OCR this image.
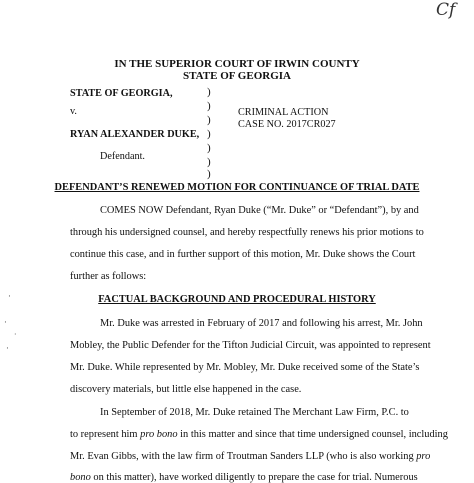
Cf
·
·
·
·
IN THE SUPERIOR COURT OF IRWIN COUNTY
STATE OF GEORGIA
STATE OF GEORGIA,
v.
RYAN ALEXANDER DUKE,
Defendant.
)
)
)
)
)
)
)
CRIMINAL ACTION
CASE NO. 2017CR027
DEFENDANT’S RENEWED MOTION FOR CONTINUANCE OF TRIAL DATE
COMES NOW Defendant, Ryan Duke (“Mr. Duke” or “Defendant”), by and
through his undersigned counsel, and hereby respectfully renews his prior motions to
continue this case, and in further support of this motion, Mr. Duke shows the Court
further as follows:
FACTUAL BACKGROUND AND PROCEDURAL HISTORY
Mr. Duke was arrested in February of 2017 and following his arrest, Mr. John
Mobley, the Public Defender for the Tifton Judicial Circuit, was appointed to represent
Mr. Duke. While represented by Mr. Mobley, Mr. Duke received some of the State’s
discovery materials, but little else happened in the case.
In September of 2018, Mr. Duke retained The Merchant Law Firm, P.C. to
to represent him pro bono in this matter and since that time undersigned counsel, including
Mr. Evan Gibbs, with the law firm of Troutman Sanders LLP (who is also working pro
bono on this matter), have worked diligently to prepare the case for trial. Numerous
